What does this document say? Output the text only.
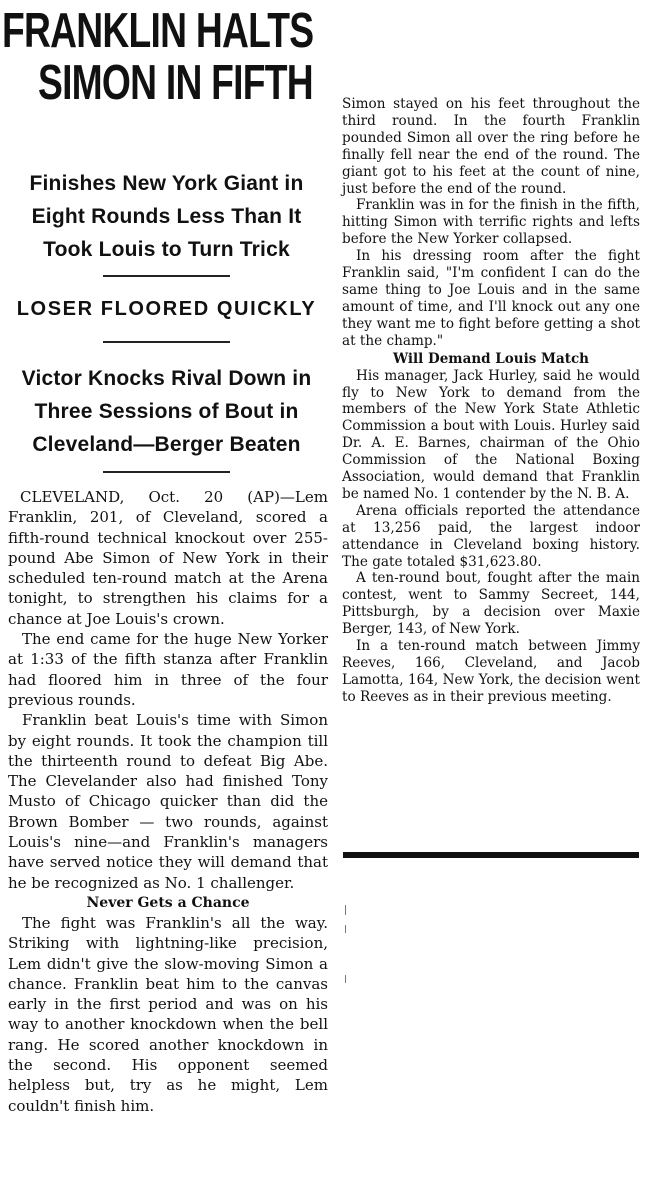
FRANKLIN HALTS
SIMON IN FIFTH
Finishes New York Giant in
Eight Rounds Less Than It
Took Louis to Turn Trick
LOSER FLOORED QUICKLY
Victor Knocks Rival Down in
Three Sessions of Bout in
Cleveland—Berger Beaten

CLEVELAND, Oct. 20 (AP)—Lem Franklin, 201, of Cleveland, scored a fifth-round technical knockout over 255-pound Abe Simon of New York in their scheduled ten-round match at the Arena tonight, to strengthen his claims for a chance at Joe Louis's crown.

The end came for the huge New Yorker at 1:33 of the fifth stanza after Franklin had floored him in three of the four previous rounds.

Franklin beat Louis's time with Simon by eight rounds. It took the champion till the thirteenth round to defeat Big Abe. The Clevelander also had finished Tony Musto of Chicago quicker than did the Brown Bomber — two rounds, against Louis's nine—and Franklin's managers have served notice they will demand that he be recognized as No. 1 challenger.

Never Gets a Chance

The fight was Franklin's all the way. Striking with lightning-like precision, Lem didn't give the slow-moving Simon a chance. Franklin beat him to the canvas early in the first period and was on his way to another knockdown when the bell rang. He scored another knockdown in the second. His opponent seemed helpless but, try as he might, Lem couldn't finish him.

Simon stayed on his feet throughout the third round. In the fourth Franklin pounded Simon all over the ring before he finally fell near the end of the round. The giant got to his feet at the count of nine, just before the end of the round.

Franklin was in for the finish in the fifth, hitting Simon with terrific rights and lefts before the New Yorker collapsed.

In his dressing room after the fight Franklin said, "I'm confident I can do the same thing to Joe Louis and in the same amount of time, and I'll knock out any one they want me to fight before getting a shot at the champ."

Will Demand Louis Match

His manager, Jack Hurley, said he would fly to New York to demand from the members of the New York State Athletic Commission a bout with Louis. Hurley said Dr. A. E. Barnes, chairman of the Ohio Commission of the National Boxing Association, would demand that Franklin be named No. 1 contender by the N. B. A.

Arena officials reported the attendance at 13,256 paid, the largest indoor attendance in Cleveland boxing history. The gate totaled $31,623.80.

A ten-round bout, fought after the main contest, went to Sammy Secreet, 144, Pittsburgh, by a decision over Maxie Berger, 143, of New York.

In a ten-round match between Jimmy Reeves, 166, Cleveland, and Jacob Lamotta, 164, New York, the decision went to Reeves as in their previous meeting.
